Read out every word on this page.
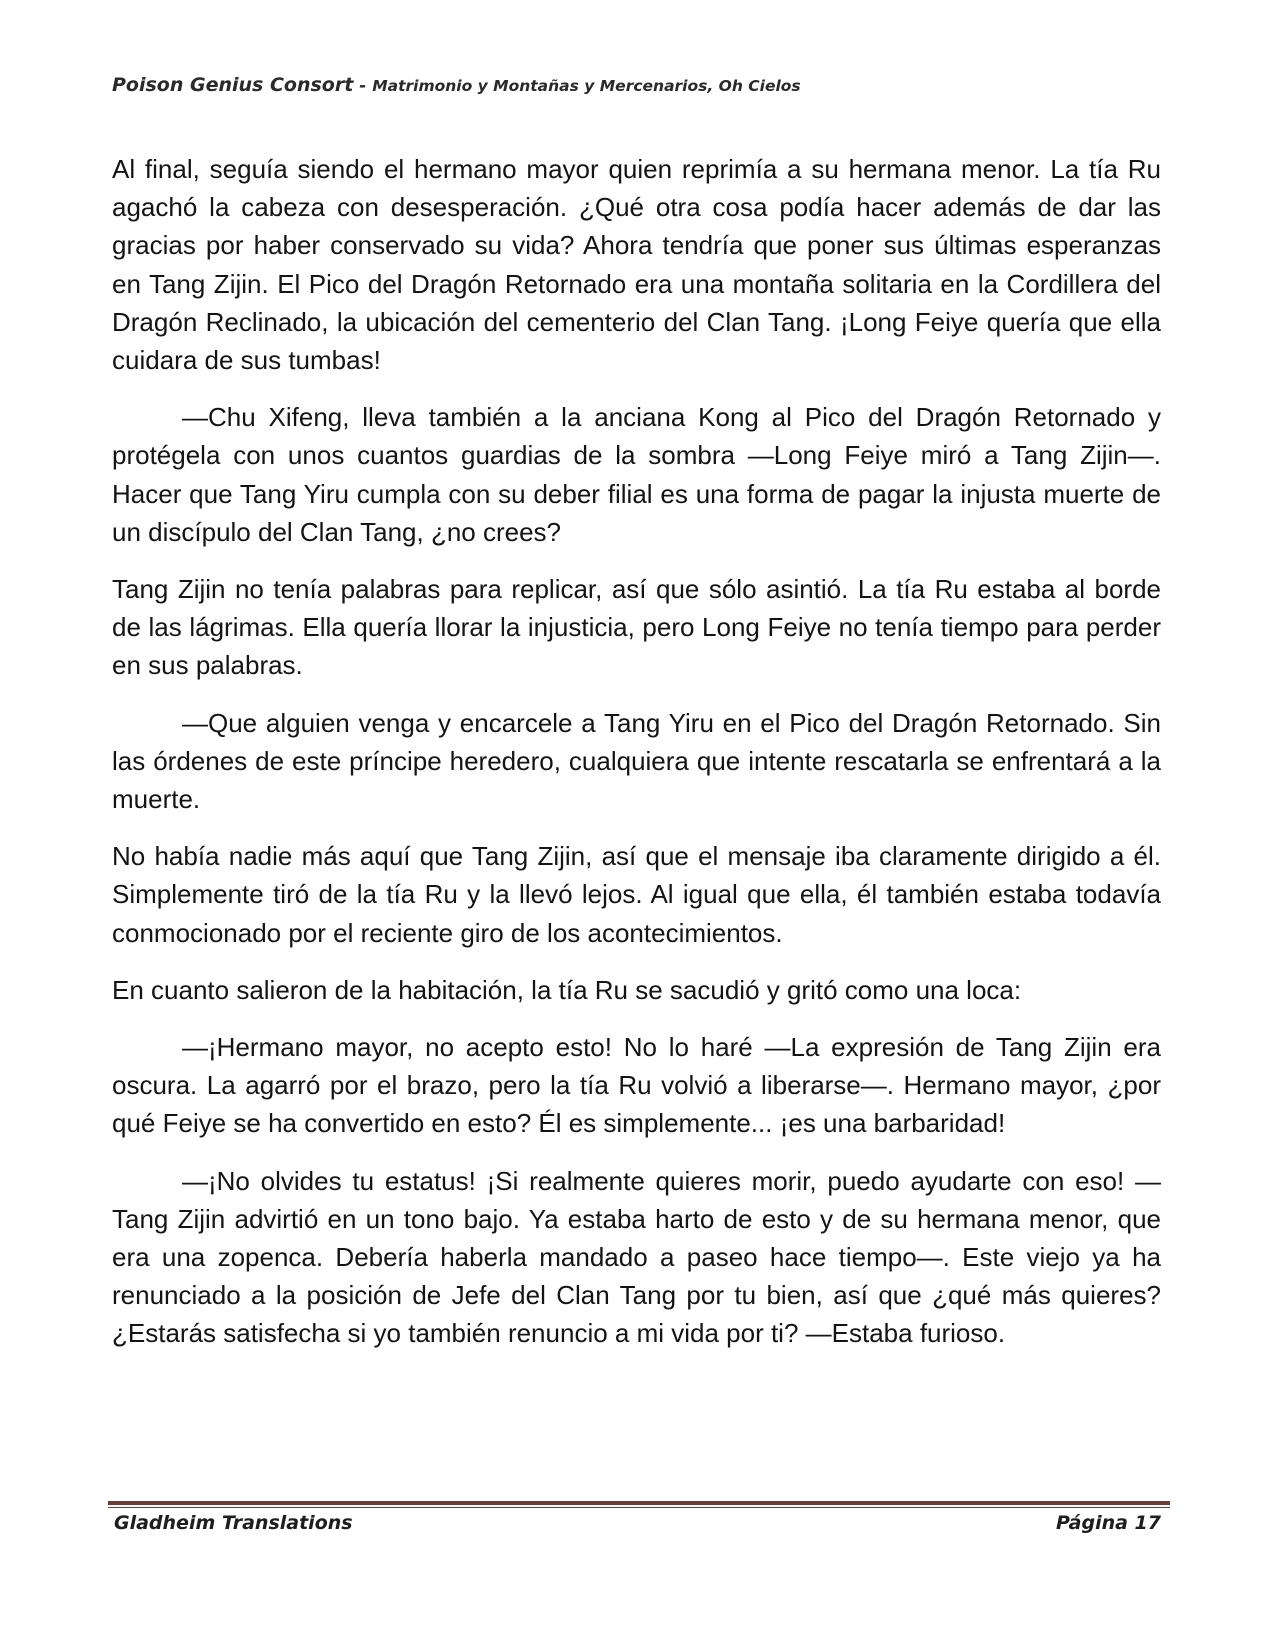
Poison Genius Consort - Matrimonio y Montañas y Mercenarios, Oh Cielos

Al final, seguía siendo el hermano mayor quien reprimía a su hermana menor. La tía Ru agachó la cabeza con desesperación. ¿Qué otra cosa podía hacer además de dar las gracias por haber conservado su vida? Ahora tendría que poner sus últimas esperanzas en Tang Zijin. El Pico del Dragón Retornado era una montaña solitaria en la Cordillera del Dragón Reclinado, la ubicación del cementerio del Clan Tang. ¡Long Feiye quería que ella cuidara de sus tumbas!

—Chu Xifeng, lleva también a la anciana Kong al Pico del Dragón Retornado y protégela con unos cuantos guardias de la sombra —Long Feiye miró a Tang Zijin—. Hacer que Tang Yiru cumpla con su deber filial es una forma de pagar la injusta muerte de un discípulo del Clan Tang, ¿no crees?

Tang Zijin no tenía palabras para replicar, así que sólo asintió. La tía Ru estaba al borde de las lágrimas. Ella quería llorar la injusticia, pero Long Feiye no tenía tiempo para perder en sus palabras.

—Que alguien venga y encarcele a Tang Yiru en el Pico del Dragón Retornado. Sin las órdenes de este príncipe heredero, cualquiera que intente rescatarla se enfrentará a la muerte.

No había nadie más aquí que Tang Zijin, así que el mensaje iba claramente dirigido a él. Simplemente tiró de la tía Ru y la llevó lejos. Al igual que ella, él también estaba todavía conmocionado por el reciente giro de los acontecimientos.

En cuanto salieron de la habitación, la tía Ru se sacudió y gritó como una loca:

—¡Hermano mayor, no acepto esto! No lo haré —La expresión de Tang Zijin era oscura. La agarró por el brazo, pero la tía Ru volvió a liberarse—. Hermano mayor, ¿por qué Feiye se ha convertido en esto? Él es simplemente... ¡es una barbaridad!

—¡No olvides tu estatus! ¡Si realmente quieres morir, puedo ayudarte con eso! —Tang Zijin advirtió en un tono bajo. Ya estaba harto de esto y de su hermana menor, que era una zopenca. Debería haberla mandado a paseo hace tiempo—. Este viejo ya ha renunciado a la posición de Jefe del Clan Tang por tu bien, así que ¿qué más quieres? ¿Estarás satisfecha si yo también renuncio a mi vida por ti? —Estaba furioso.

Gladheim Translations	Página 17
